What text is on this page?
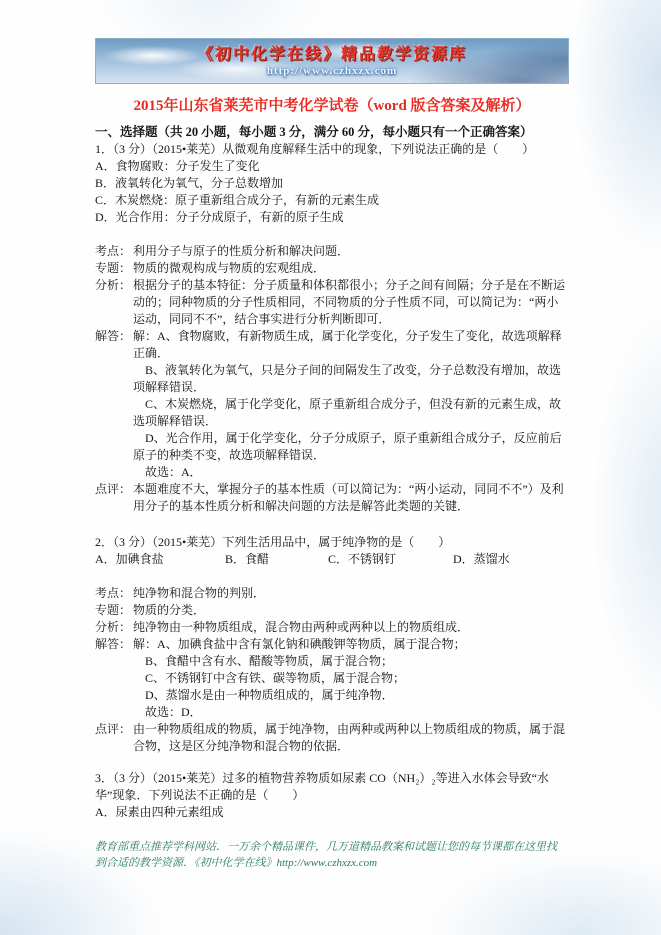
《初中化学在线》精品教学资源库
http://www.czhxzx.com
2015年山东省莱芜市中考化学试卷（word 版含答案及解析）
一、选择题（共 20 小题，每小题 3 分，满分 60 分，每小题只有一个正确答案）

1．（3 分）（2015•莱芜）从微观角度解释生活中的现象，下列说法正确的是（　　）

A．食物腐败：分子发生了变化

B．液氧转化为氧气，分子总数增加

C．木炭燃烧：原子重新组合成分子，有新的元素生成

D．光合作用：分子分成原子，有新的原子生成

考点： 利用分子与原子的性质分析和解决问题．

专题： 物质的微观构成与物质的宏观组成．

分析： 根据分子的基本特征：分子质量和体积都很小；分子之间有间隔；分子是在不断运动的；同种物质的分子性质相同，不同物质的分子性质不同，可以简记为：“两小运动，同同不不”，结合事实进行分析判断即可．

解答： 解：A、食物腐败，有新物质生成，属于化学变化，分子发生了变化，故选项解释正确．

B、液氧转化为氧气，只是分子间的间隔发生了改变，分子总数没有增加，故选项解释错误．

C、木炭燃烧，属于化学变化，原子重新组合成分子，但没有新的元素生成，故选项解释错误．

D、光合作用，属于化学变化，分子分成原子，原子重新组合成分子，反应前后原子的种类不变，故选项解释错误．

故选：A．

点评： 本题难度不大，掌握分子的基本性质（可以简记为：“两小运动，同同不不”）及利用分子的基本性质分析和解决问题的方法是解答此类题的关键．

2．（3 分）（2015•莱芜）下列生活用品中，属于纯净物的是（　　）

A．加碘食盐	B．食醋	C．不锈钢钉	D．蒸馏水
考点： 纯净物和混合物的判别．

专题： 物质的分类．

分析： 纯净物由一种物质组成，混合物由两种或两种以上的物质组成．

解答： 解：A、加碘食盐中含有氯化钠和碘酸钾等物质，属于混合物；

B、食醋中含有水、醋酸等物质，属于混合物；

C、不锈钢钉中含有铁、碳等物质，属于混合物；

D、蒸馏水是由一种物质组成的，属于纯净物．

故选：D．

点评： 由一种物质组成的物质，属于纯净物，由两种或两种以上物质组成的物质，属于混合物，这是区分纯净物和混合物的依据．

3．（3 分）（2015•莱芜）过多的植物营养物质如尿素 CO（NH₂）₂等进入水体会导致“水华”现象．下列说法不正确的是（　　）

A．尿素由四种元素组成

教育部重点推荐学科网站．一万余个精品课件，几万道精品教案和试题让您的每节课都在这里找到合适的教学资源．《初中化学在线》http://www.czhxzx.com
